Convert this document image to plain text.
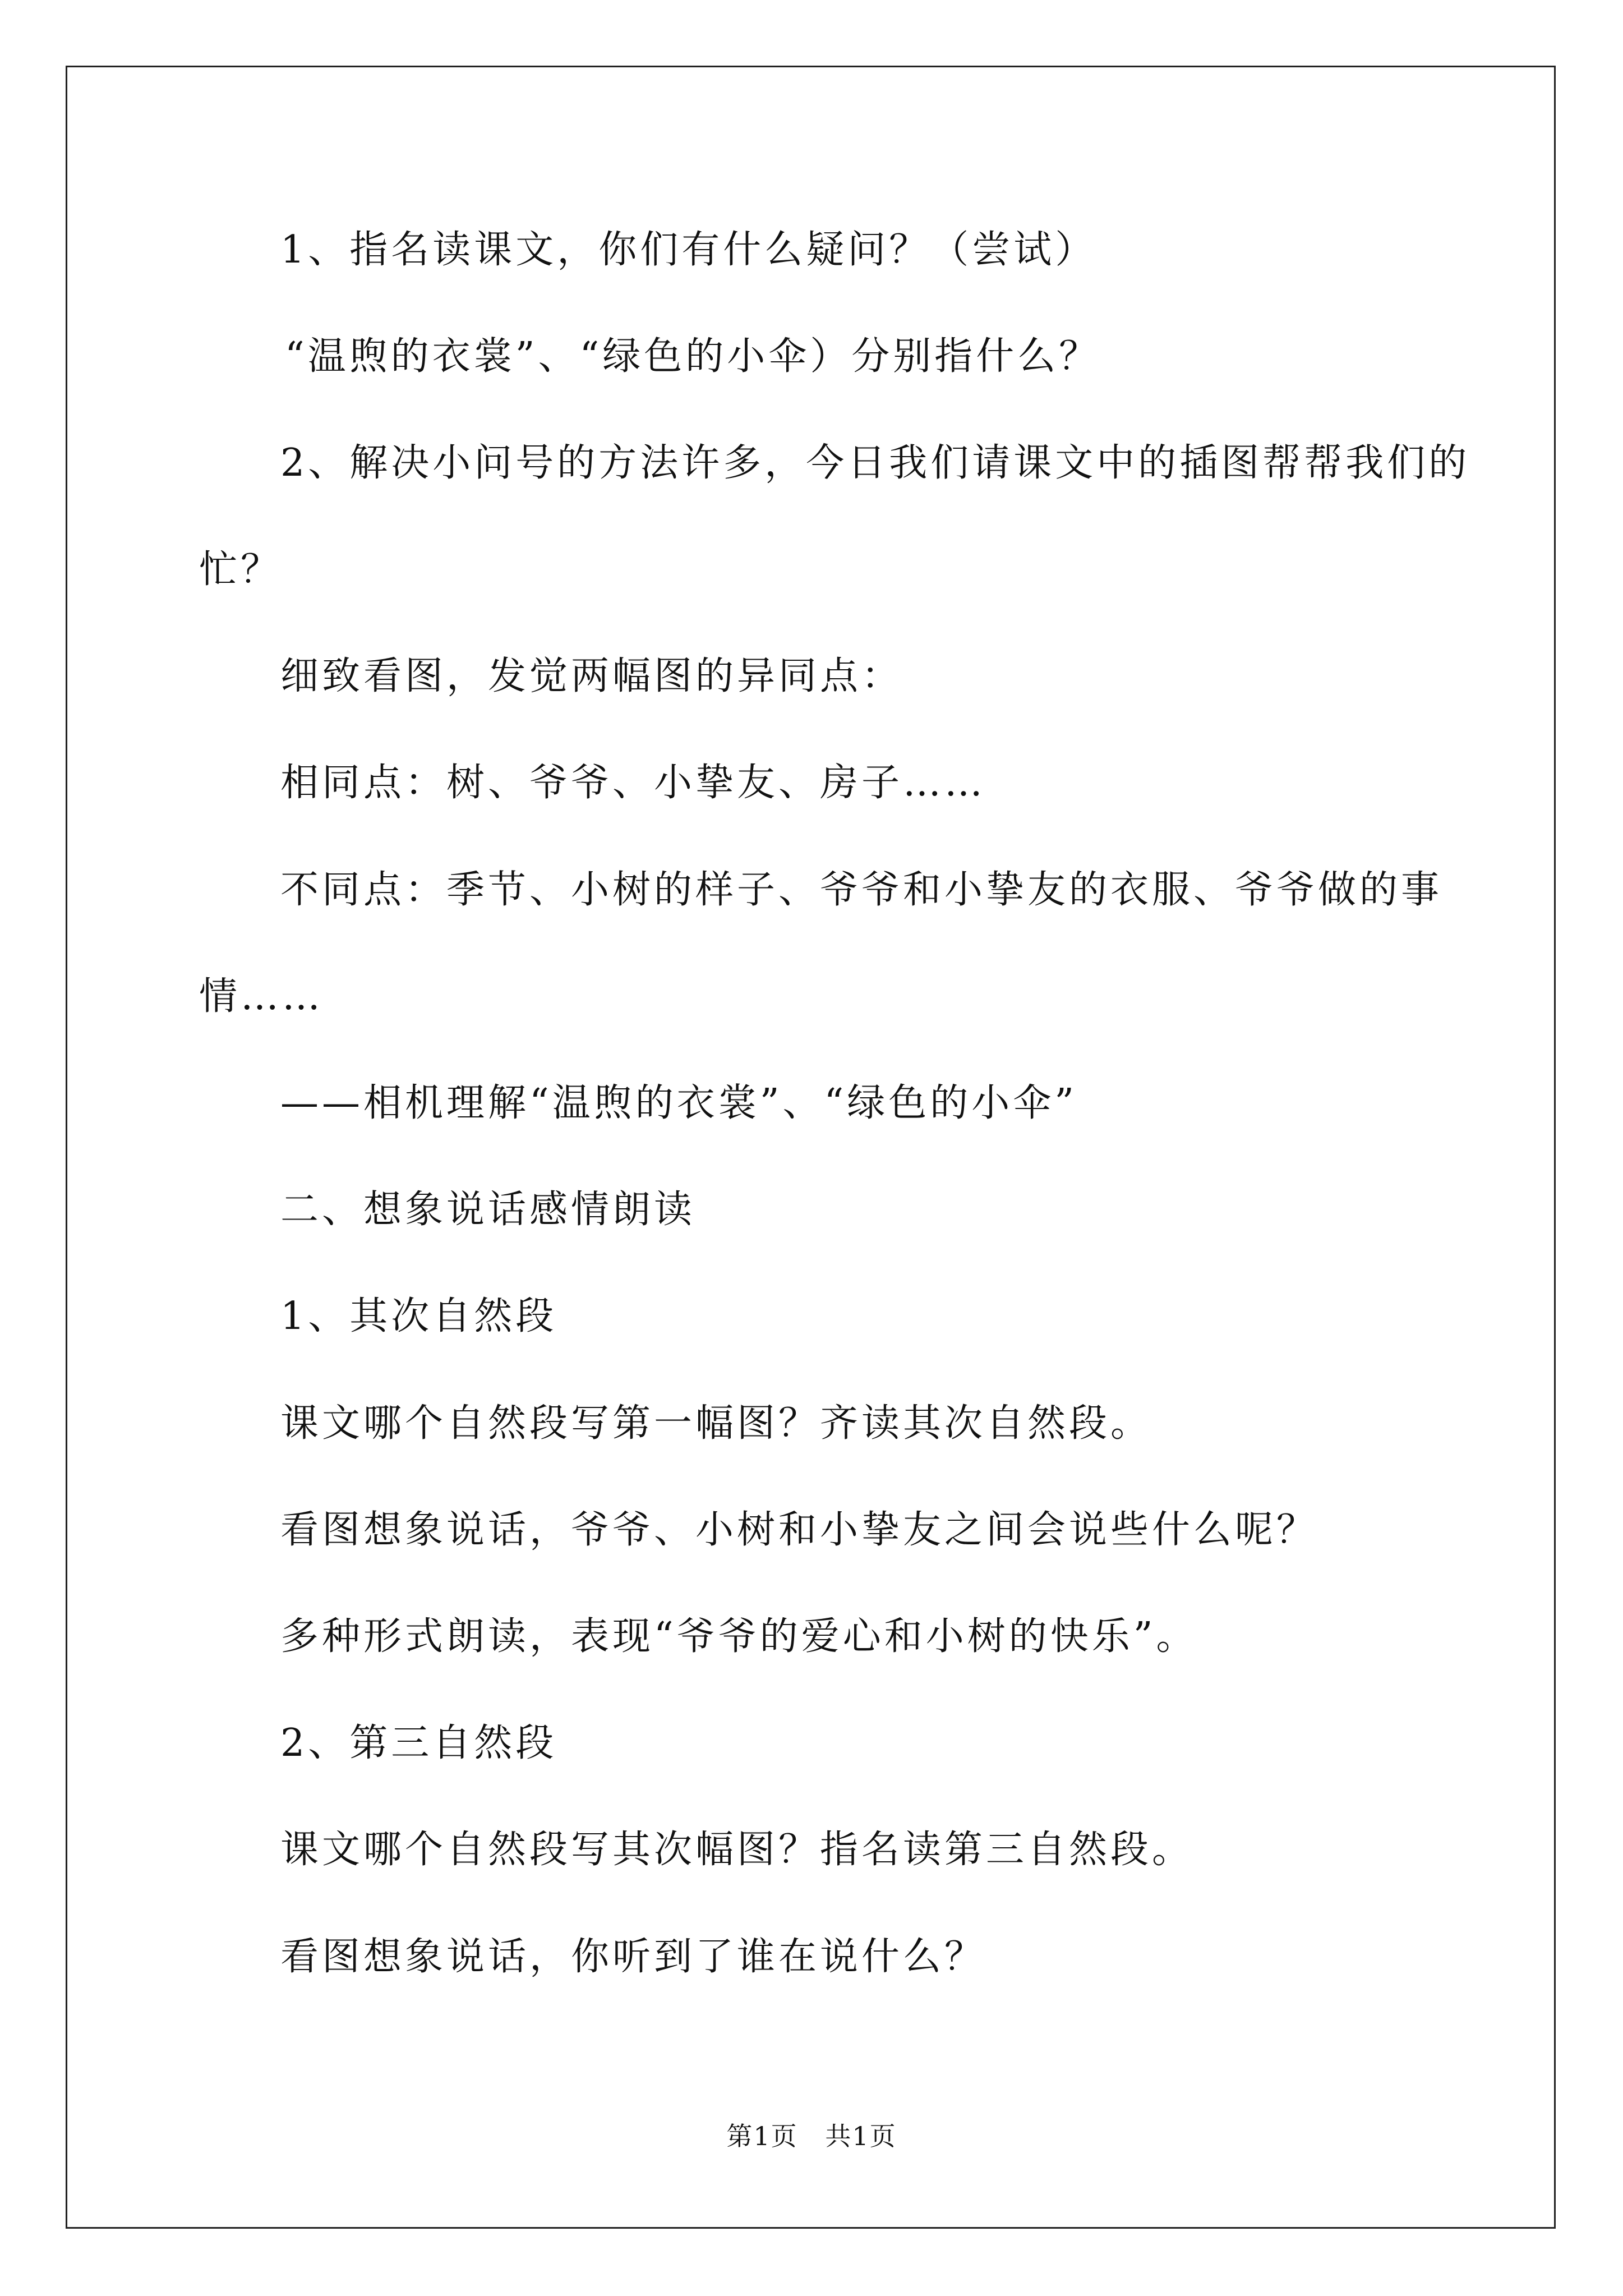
1、指名读课文，你们有什么疑问？（尝试）
“温煦的衣裳”、“绿色的小伞）分别指什么？
2、解决小问号的方法许多，今日我们请课文中的插图帮帮我们的
忙？
细致看图，发觉两幅图的异同点：
相同点：树、爷爷、小挚友、房子……
不同点：季节、小树的样子、爷爷和小挚友的衣服、爷爷做的事
情……
——相机理解“温煦的衣裳”、“绿色的小伞”
二、想象说话感情朗读
1、其次自然段
课文哪个自然段写第一幅图？齐读其次自然段。
看图想象说话，爷爷、小树和小挚友之间会说些什么呢？
多种形式朗读，表现“爷爷的爱心和小树的快乐”。
2、第三自然段
课文哪个自然段写其次幅图？指名读第三自然段。
看图想象说话，你听到了谁在说什么？
第1页 共1页
